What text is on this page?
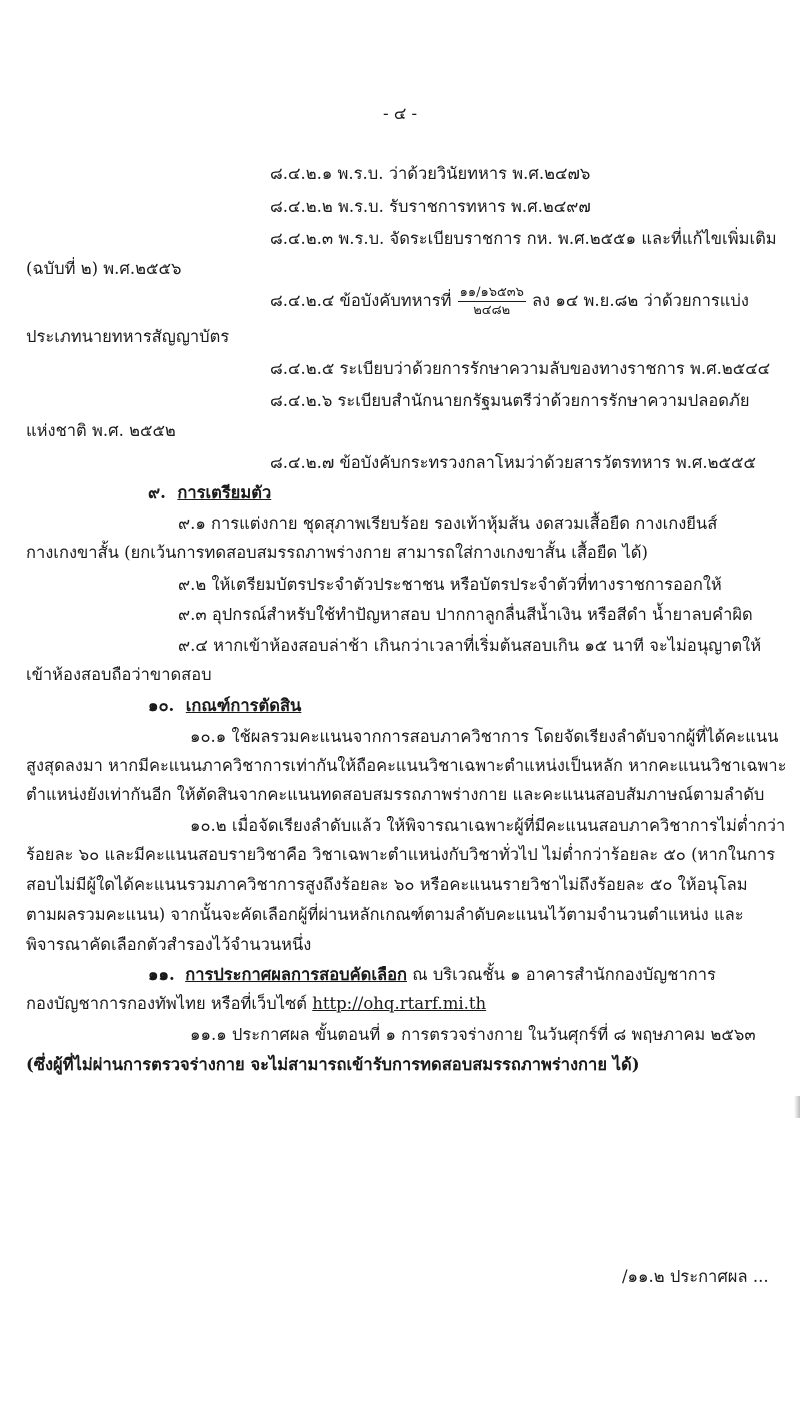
- ๔ -
๘.๔.๒.๑ พ.ร.บ. ว่าด้วยวินัยทหาร พ.ศ.๒๔๗๖
๘.๔.๒.๒ พ.ร.บ. รับราชการทหาร พ.ศ.๒๔๙๗
๘.๔.๒.๓ พ.ร.บ. จัดระเบียบราชการ กห. พ.ศ.๒๕๕๑ และที่แก้ไขเพิ่มเติม
(ฉบับที่ ๒) พ.ศ.๒๕๕๖
๘.๔.๒.๔ ข้อบังคับทหารที่ $\frac{๑๑/๑๖๕๓๖}{๒๔๘๒}$ ลง ๑๔ พ.ย.๘๒ ว่าด้วยการแบ่ง
ประเภทนายทหารสัญญาบัตร
๘.๔.๒.๕ ระเบียบว่าด้วยการรักษาความลับของทางราชการ พ.ศ.๒๕๔๔
๘.๔.๒.๖ ระเบียบสำนักนายกรัฐมนตรีว่าด้วยการรักษาความปลอดภัย
แห่งชาติ พ.ศ. ๒๕๕๒
๘.๔.๒.๗ ข้อบังคับกระทรวงกลาโหมว่าด้วยสารวัตรทหาร พ.ศ.๒๕๕๕
๙. การเตรียมตัว
๙.๑ การแต่งกาย ชุดสุภาพเรียบร้อย รองเท้าหุ้มส้น งดสวมเสื้อยืด กางเกงยีนส์
กางเกงขาสั้น (ยกเว้นการทดสอบสมรรถภาพร่างกาย สามารถใส่กางเกงขาสั้น เสื้อยืด ได้)
๙.๒ ให้เตรียมบัตรประจำตัวประชาชน หรือบัตรประจำตัวที่ทางราชการออกให้
๙.๓ อุปกรณ์สำหรับใช้ทำปัญหาสอบ ปากกาลูกลื่นสีน้ำเงิน หรือสีดำ น้ำยาลบคำผิด
๙.๔ หากเข้าห้องสอบล่าช้า เกินกว่าเวลาที่เริ่มต้นสอบเกิน ๑๕ นาที จะไม่อนุญาตให้
เข้าห้องสอบถือว่าขาดสอบ
๑๐. เกณฑ์การตัดสิน
๑๐.๑ ใช้ผลรวมคะแนนจากการสอบภาควิชาการ โดยจัดเรียงลำดับจากผู้ที่ได้คะแนน
สูงสุดลงมา หากมีคะแนนภาควิชาการเท่ากันให้ถือคะแนนวิชาเฉพาะตำแหน่งเป็นหลัก หากคะแนนวิชาเฉพาะ
ตำแหน่งยังเท่ากันอีก ให้ตัดสินจากคะแนนทดสอบสมรรถภาพร่างกาย และคะแนนสอบสัมภาษณ์ตามลำดับ
๑๐.๒ เมื่อจัดเรียงลำดับแล้ว ให้พิจารณาเฉพาะผู้ที่มีคะแนนสอบภาควิชาการไม่ต่ำกว่า
ร้อยละ ๖๐ และมีคะแนนสอบรายวิชาคือ วิชาเฉพาะตำแหน่งกับวิชาทั่วไป ไม่ต่ำกว่าร้อยละ ๕๐ (หากในการ
สอบไม่มีผู้ใดได้คะแนนรวมภาควิชาการสูงถึงร้อยละ ๖๐ หรือคะแนนรายวิชาไม่ถึงร้อยละ ๕๐ ให้อนุโลม
ตามผลรวมคะแนน) จากนั้นจะคัดเลือกผู้ที่ผ่านหลักเกณฑ์ตามลำดับคะแนนไว้ตามจำนวนตำแหน่ง และ
พิจารณาคัดเลือกตัวสำรองไว้จำนวนหนึ่ง
๑๑. การประกาศผลการสอบคัดเลือก ณ บริเวณชั้น ๑ อาคารสำนักกองบัญชาการ
กองบัญชาการกองทัพไทย หรือที่เว็บไซต์ http://ohq.rtarf.mi.th
๑๑.๑ ประกาศผล ขั้นตอนที่ ๑ การตรวจร่างกาย ในวันศุกร์ที่ ๘ พฤษภาคม ๒๕๖๓
(ซึ่งผู้ที่ไม่ผ่านการตรวจร่างกาย จะไม่สามารถเข้ารับการทดสอบสมรรถภาพร่างกาย ได้)
/๑๑.๒ ประกาศผล ...
